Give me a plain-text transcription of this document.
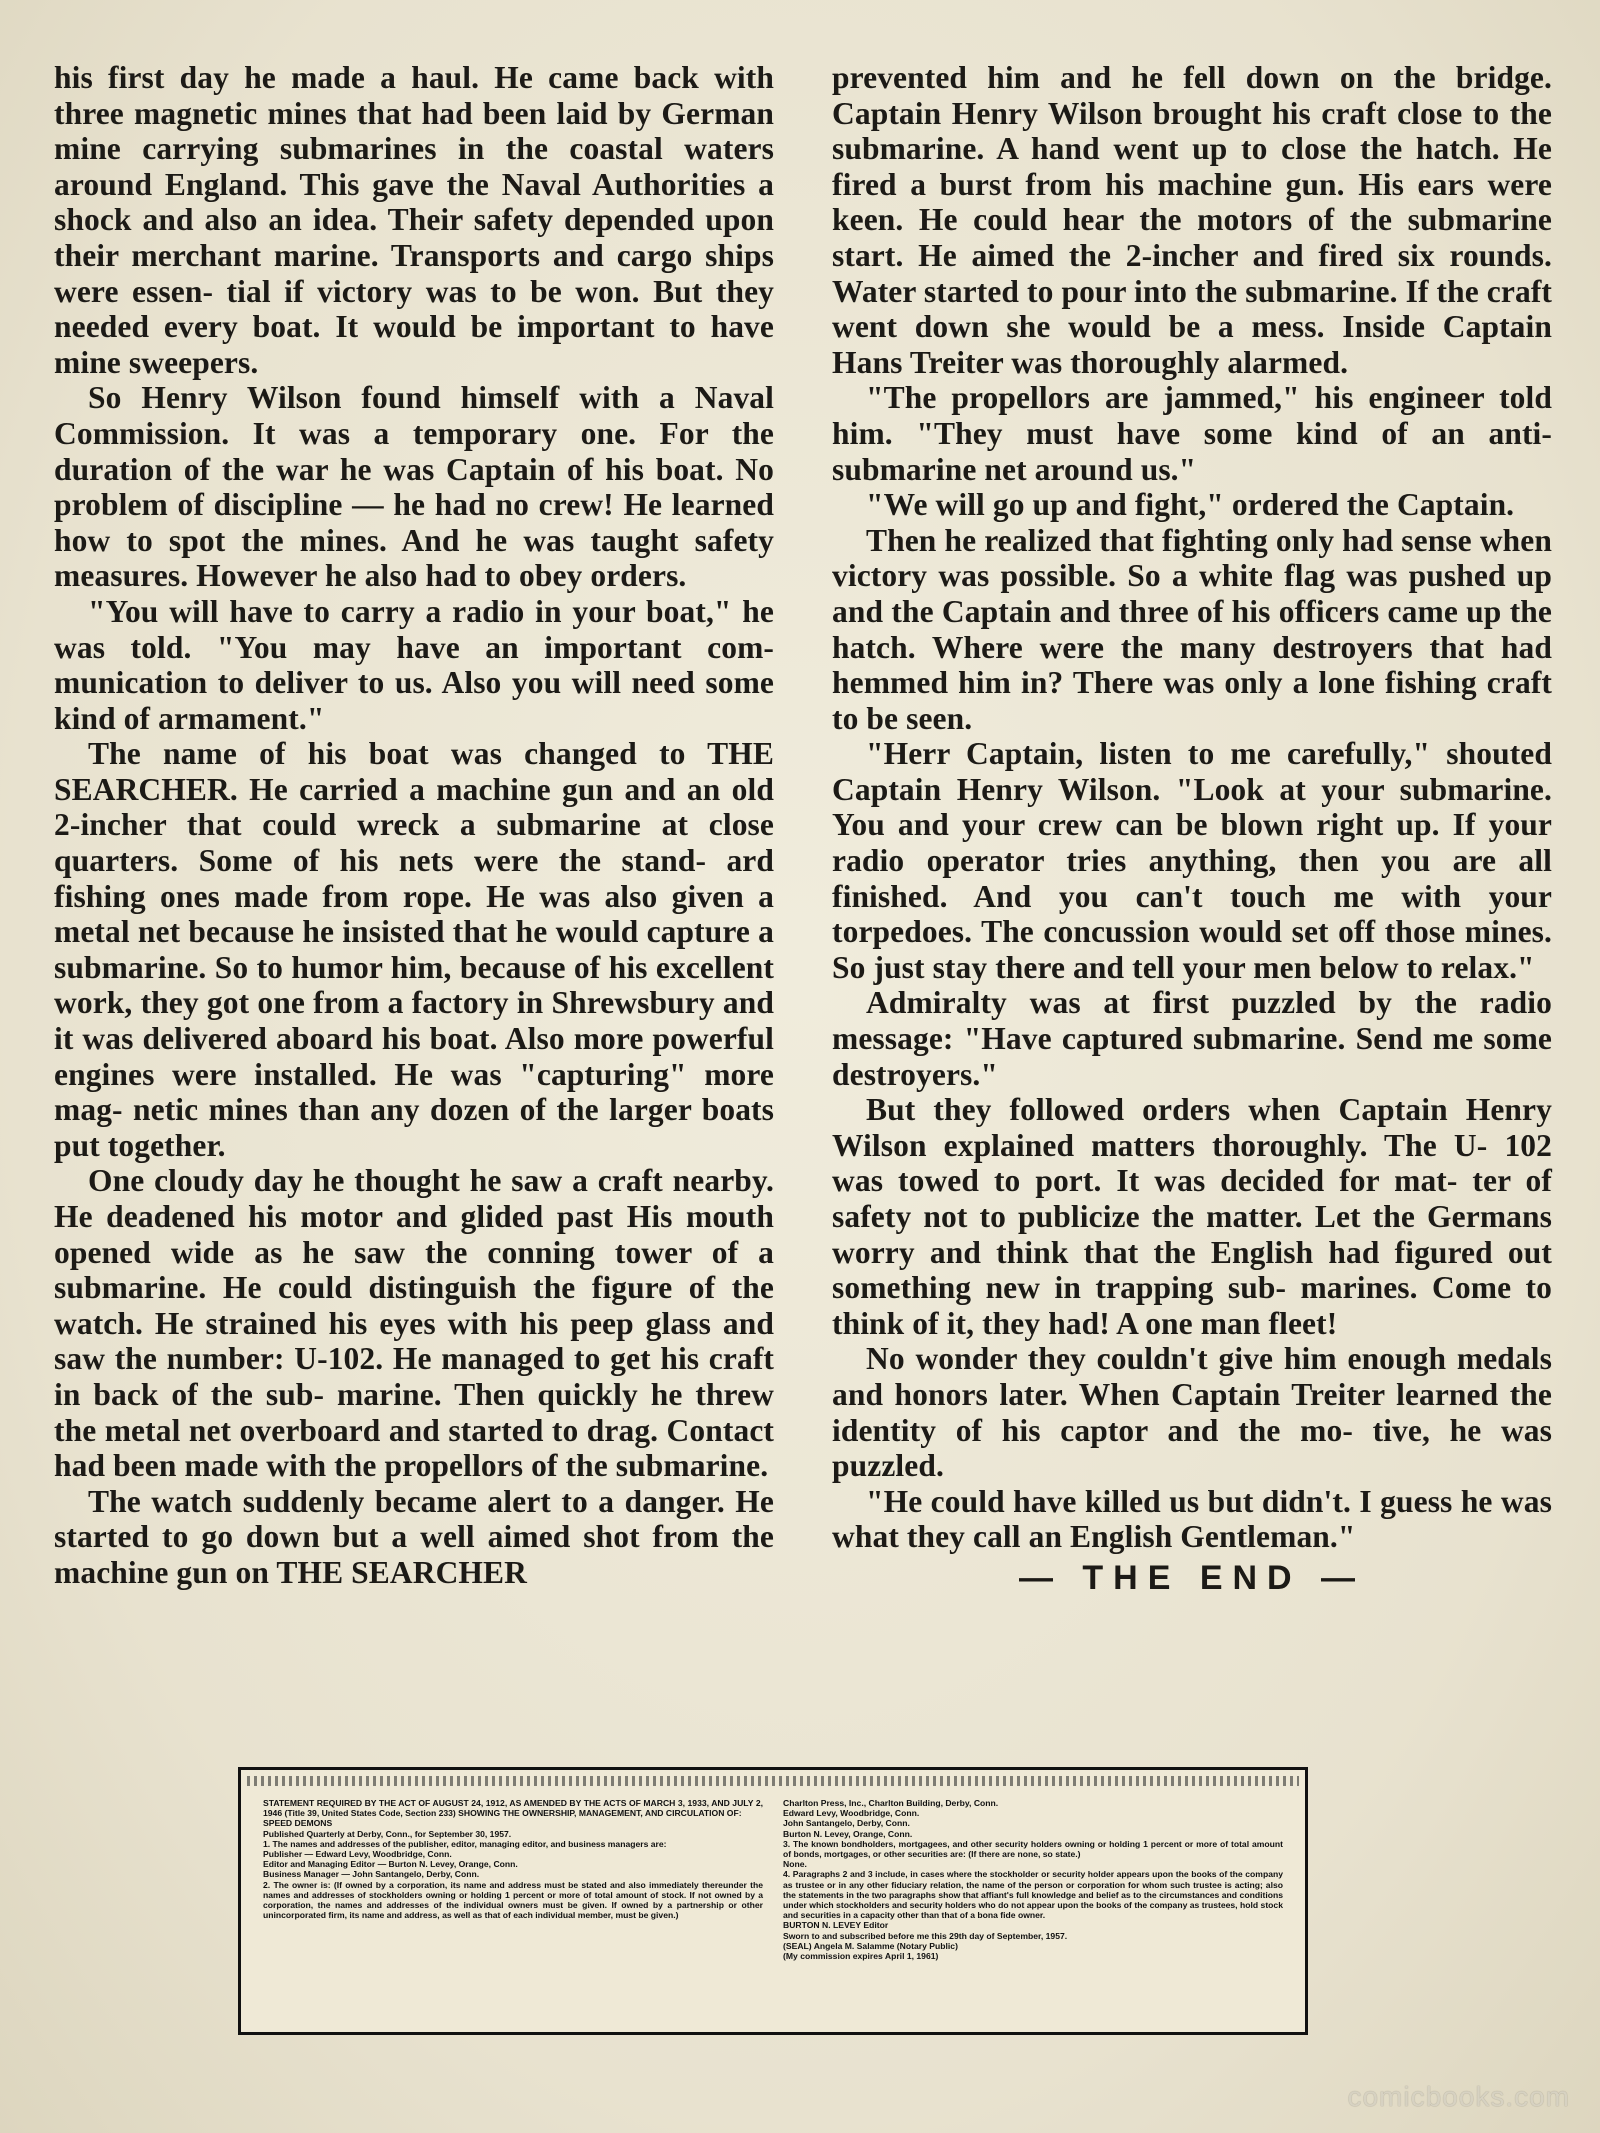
his first day he made a haul. He came back with three magnetic mines that had been laid by German mine carrying submarines in the coastal waters around England. This gave the Naval Authorities a shock and also an idea. Their safety depended upon their merchant marine. Transports and cargo ships were essen- tial if victory was to be won. But they needed every boat. It would be important to have mine sweepers.

So Henry Wilson found himself with a Naval Commission. It was a temporary one. For the duration of the war he was Captain of his boat. No problem of discipline — he had no crew! He learned how to spot the mines. And he was taught safety measures. However he also had to obey orders.

"You will have to carry a radio in your boat," he was told. "You may have an important com- munication to deliver to us. Also you will need some kind of armament."

The name of his boat was changed to THE SEARCHER. He carried a machine gun and an old 2-incher that could wreck a submarine at close quarters. Some of his nets were the stand- ard fishing ones made from rope. He was also given a metal net because he insisted that he would capture a submarine. So to humor him, because of his excellent work, they got one from a factory in Shrewsbury and it was delivered aboard his boat. Also more powerful engines were installed. He was "capturing" more mag- netic mines than any dozen of the larger boats put together.

One cloudy day he thought he saw a craft nearby. He deadened his motor and glided past His mouth opened wide as he saw the conning tower of a submarine. He could distinguish the figure of the watch. He strained his eyes with his peep glass and saw the number: U-102. He managed to get his craft in back of the sub- marine. Then quickly he threw the metal net overboard and started to drag. Contact had been made with the propellors of the submarine.

The watch suddenly became alert to a danger. He started to go down but a well aimed shot from the machine gun on THE SEARCHER

prevented him and he fell down on the bridge. Captain Henry Wilson brought his craft close to the submarine. A hand went up to close the hatch. He fired a burst from his machine gun. His ears were keen. He could hear the motors of the submarine start. He aimed the 2-incher and fired six rounds. Water started to pour into the submarine. If the craft went down she would be a mess. Inside Captain Hans Treiter was thoroughly alarmed.

"The propellors are jammed," his engineer told him. "They must have some kind of an anti-submarine net around us."

"We will go up and fight," ordered the Captain.

Then he realized that fighting only had sense when victory was possible. So a white flag was pushed up and the Captain and three of his officers came up the hatch. Where were the many destroyers that had hemmed him in? There was only a lone fishing craft to be seen.

"Herr Captain, listen to me carefully," shouted Captain Henry Wilson. "Look at your submarine. You and your crew can be blown right up. If your radio operator tries anything, then you are all finished. And you can't touch me with your torpedoes. The concussion would set off those mines. So just stay there and tell your men below to relax."

Admiralty was at first puzzled by the radio message: "Have captured submarine. Send me some destroyers."

But they followed orders when Captain Henry Wilson explained matters thoroughly. The U- 102 was towed to port. It was decided for mat- ter of safety not to publicize the matter. Let the Germans worry and think that the English had figured out something new in trapping sub- marines. Come to think of it, they had! A one man fleet!

No wonder they couldn't give him enough medals and honors later. When Captain Treiter learned the identity of his captor and the mo- tive, he was puzzled.

"He could have killed us but didn't. I guess he was what they call an English Gentleman."

— THE END —
STATEMENT REQUIRED BY THE ACT OF AUGUST 24, 1912, AS AMENDED BY THE ACTS OF MARCH 3, 1933, AND JULY 2, 1946 (Title 39, United States Code, Section 233) SHOWING THE OWNERSHIP, MANAGEMENT, AND CIRCULATION OF:
SPEED DEMONS
Published Quarterly at Derby, Conn., for September 30, 1957.
1. The names and addresses of the publisher, editor, managing editor, and business managers are:
Publisher — Edward Levy, Woodbridge, Conn.
Editor and Managing Editor — Burton N. Levey, Orange, Conn.
Business Manager — John Santangelo, Derby, Conn.
2. The owner is: (If owned by a corporation, its name and address must be stated and also immediately thereunder the names and addresses of stockholders owning or holding 1 percent or more of total amount of stock. If not owned by a corporation, the names and addresses of the individual owners must be given. If owned by a partnership or other unincorporated firm, its name and address, as well as that of each individual member, must be given.)
Charlton Press, Inc., Charlton Building, Derby, Conn.
Edward Levy, Woodbridge, Conn.
John Santangelo, Derby, Conn.
Burton N. Levey, Orange, Conn.
3. The known bondholders, mortgagees, and other security holders owning or holding 1 percent or more of total amount of bonds, mortgages, or other securities are: (If there are none, so state.)
None.
4. Paragraphs 2 and 3 include, in cases where the stockholder or security holder appears upon the books of the company as trustee or in any other fiduciary relation, the name of the person or corporation for whom such trustee is acting; also the statements in the two paragraphs show that affiant's full knowledge and belief as to the circumstances and conditions under which stockholders and security holders who do not appear upon the books of the company as trustees, hold stock and securities in a capacity other than that of a bona fide owner.
BURTON N. LEVEY Editor
Sworn to and subscribed before me this 29th day of September, 1957.
(SEAL) Angela M. Salamme (Notary Public)
(My commission expires April 1, 1961)
comicbooks.com
